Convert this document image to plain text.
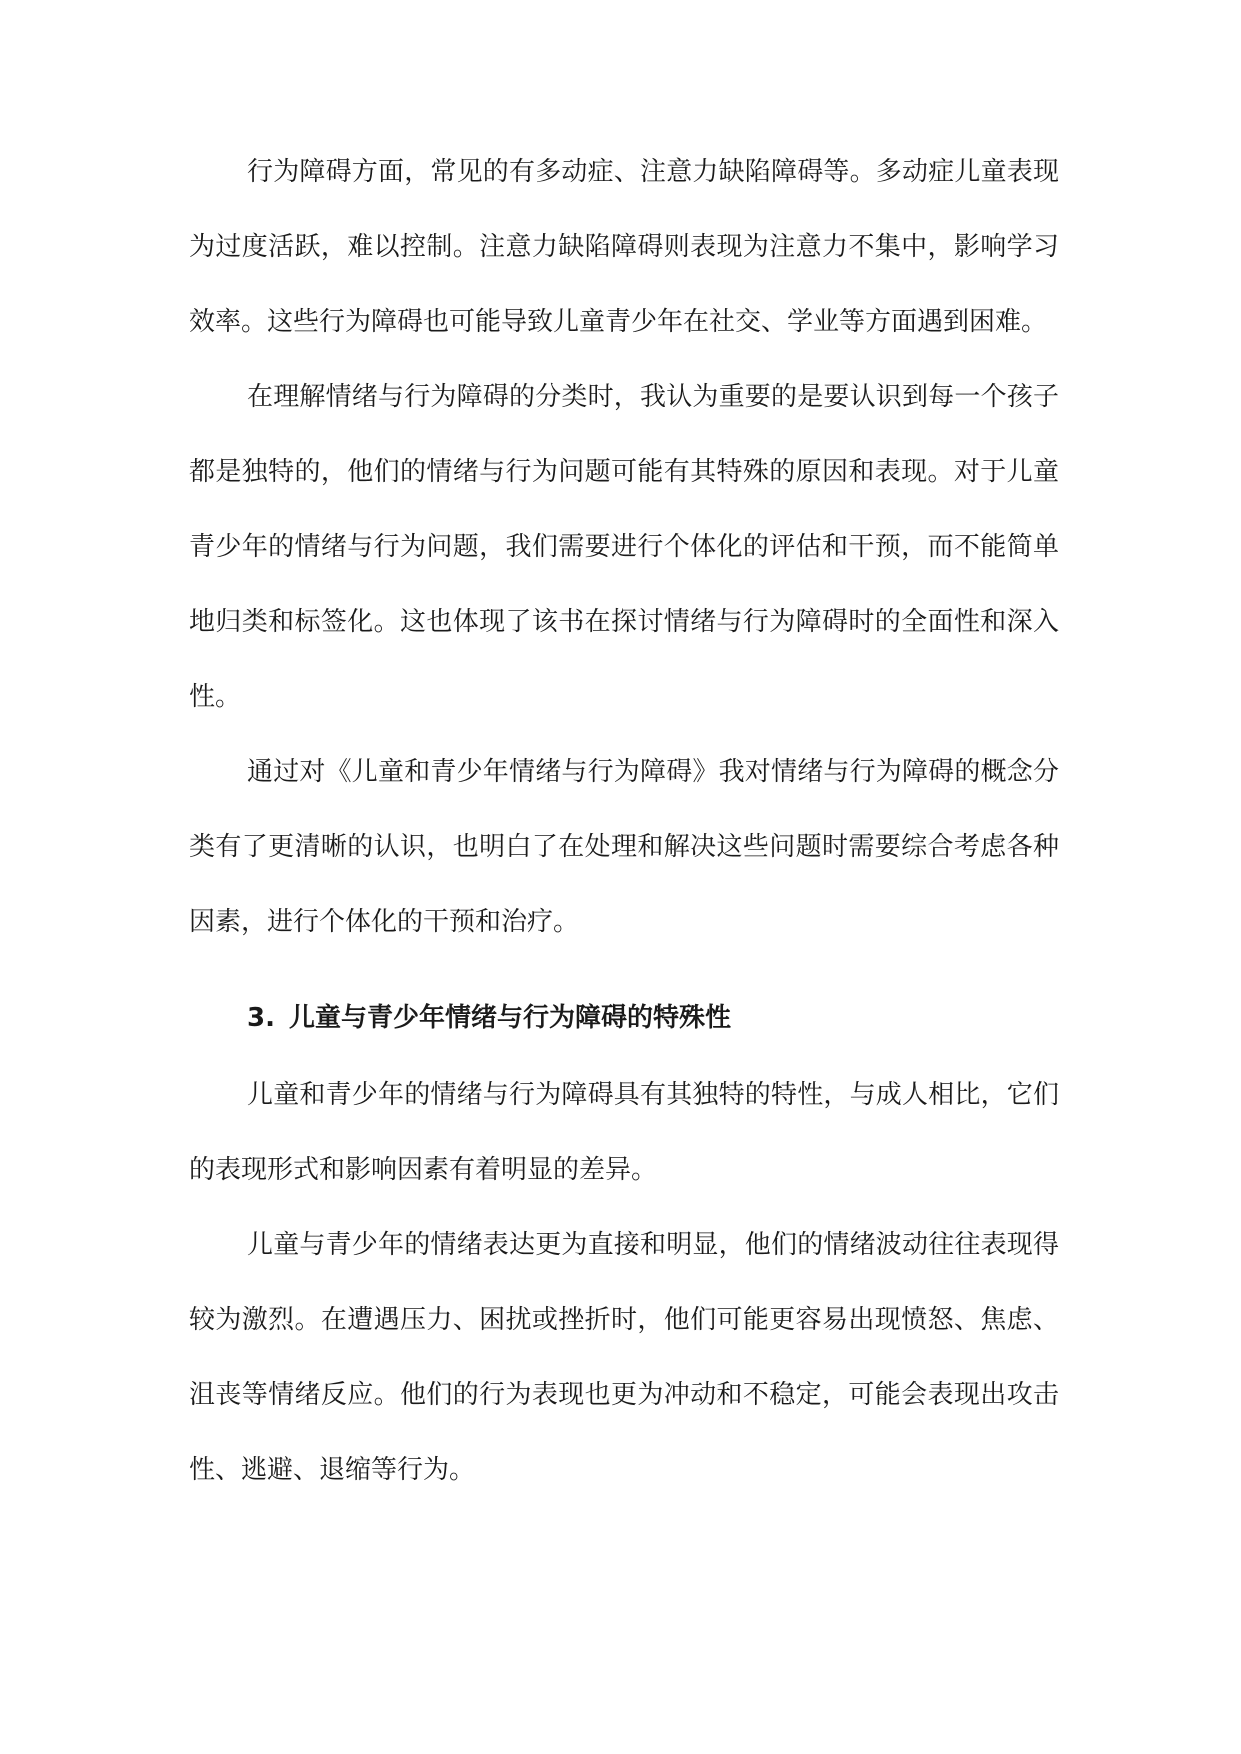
行为障碍方面，常见的有多动症、注意力缺陷障碍等。多动症儿童表现为过度活跃，难以控制。注意力缺陷障碍则表现为注意力不集中，影响学习效率。这些行为障碍也可能导致儿童青少年在社交、学业等方面遇到困难。

在理解情绪与行为障碍的分类时，我认为重要的是要认识到每一个孩子都是独特的，他们的情绪与行为问题可能有其特殊的原因和表现。对于儿童青少年的情绪与行为问题，我们需要进行个体化的评估和干预，而不能简单地归类和标签化。这也体现了该书在探讨情绪与行为障碍时的全面性和深入性。

通过对《儿童和青少年情绪与行为障碍》我对情绪与行为障碍的概念分类有了更清晰的认识，也明白了在处理和解决这些问题时需要综合考虑各种因素，进行个体化的干预和治疗。

3. 儿童与青少年情绪与行为障碍的特殊性

儿童和青少年的情绪与行为障碍具有其独特的特性，与成人相比，它们的表现形式和影响因素有着明显的差异。

儿童与青少年的情绪表达更为直接和明显，他们的情绪波动往往表现得较为激烈。在遭遇压力、困扰或挫折时，他们可能更容易出现愤怒、焦虑、沮丧等情绪反应。他们的行为表现也更为冲动和不稳定，可能会表现出攻击性、逃避、退缩等行为。
